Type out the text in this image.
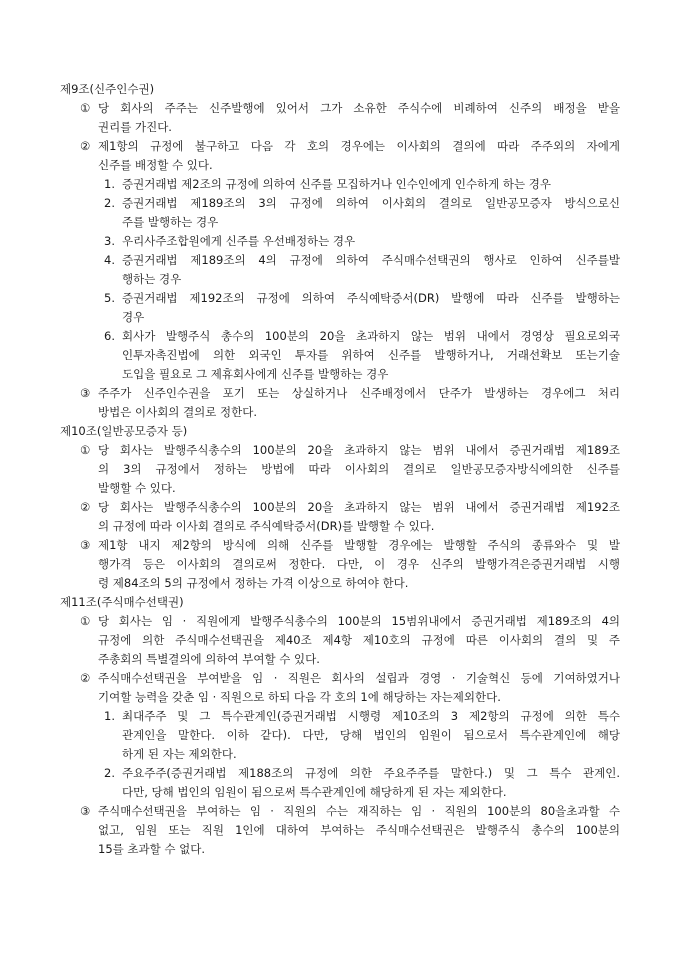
제9조(신주인수권)
① 당 회사의 주주는 신주발행에 있어서 그가 소유한 주식수에 비례하여 신주의 배정을 받을
권리를 가진다.
② 제1항의 규정에 불구하고 다음 각 호의 경우에는 이사회의 결의에 따라 주주외의 자에게
신주를 배정할 수 있다.
1. 증권거래법 제2조의 규정에 의하여 신주를 모집하거나 인수인에게 인수하게 하는 경우
2. 증권거래법 제189조의 3의 규정에 의하여 이사회의 결의로 일반공모증자 방식으로신
주를 발행하는 경우
3. 우리사주조합원에게 신주를 우선배정하는 경우
4. 증권거래법 제189조의 4의 규정에 의하여 주식매수선택권의 행사로 인하여 신주를발
행하는 경우
5. 증권거래법 제192조의 규정에 의하여 주식예탁증서(DR) 발행에 따라 신주를 발행하는
경우
6. 회사가 발행주식 총수의 100분의 20을 초과하지 않는 범위 내에서 경영상 필요로외국
인투자촉진법에 의한 외국인 투자를 위하여 신주를 발행하거나, 거래선확보 또는기술
도입을 필요로 그 제휴회사에게 신주를 발행하는 경우
③ 주주가 신주인수권을 포기 또는 상실하거나 신주배정에서 단주가 발생하는 경우에그 처리
방법은 이사회의 결의로 정한다.
제10조(일반공모증자 등)
① 당 회사는 발행주식총수의 100분의 20을 초과하지 않는 범위 내에서 증권거래법 제189조
의 3의 규정에서 정하는 방법에 따라 이사회의 결의로 일반공모증자방식에의한 신주를
발행할 수 있다.
② 당 회사는 발행주식총수의 100분의 20을 초과하지 않는 범위 내에서 증권거래법 제192조
의 규정에 따라 이사회 결의로 주식예탁증서(DR)를 발행할 수 있다.
③ 제1항 내지 제2항의 방식에 의해 신주를 발행할 경우에는 발행할 주식의 종류와수 및 발
행가격 등은 이사회의 결의로써 정한다. 다만, 이 경우 신주의 발행가격은증권거래법 시행
령 제84조의 5의 규정에서 정하는 가격 이상으로 하여야 한다.
제11조(주식매수선택권)
① 당 회사는 임 · 직원에게 발행주식총수의 100분의 15범위내에서 증권거래법 제189조의 4의
규정에 의한 주식매수선택권을 제40조 제4항 제10호의 규정에 따른 이사회의 결의 및 주
주총회의 특별결의에 의하여 부여할 수 있다.
② 주식매수선택권을 부여받을 임 · 직원은 회사의 설립과 경영 · 기술혁신 등에 기여하였거나
기여할 능력을 갖춘 임 · 직원으로 하되 다음 각 호의 1에 해당하는 자는제외한다.
1. 최대주주 및 그 특수관계인(증권거래법 시행령 제10조의 3 제2항의 규정에 의한 특수
관계인을 말한다. 이하 같다). 다만, 당해 법인의 임원이 됨으로서 특수관계인에 해당
하게 된 자는 제외한다.
2. 주요주주(증권거래법 제188조의 규정에 의한 주요주주를 말한다.) 및 그 특수 관계인.
다만, 당해 법인의 임원이 됨으로써 특수관계인에 해당하게 된 자는 제외한다.
③ 주식매수선택권을 부여하는 임 · 직원의 수는 재직하는 임 · 직원의 100분의 80을초과할 수
없고, 임원 또는 직원 1인에 대하여 부여하는 주식매수선택권은 발행주식 총수의 100분의
15를 초과할 수 없다.
